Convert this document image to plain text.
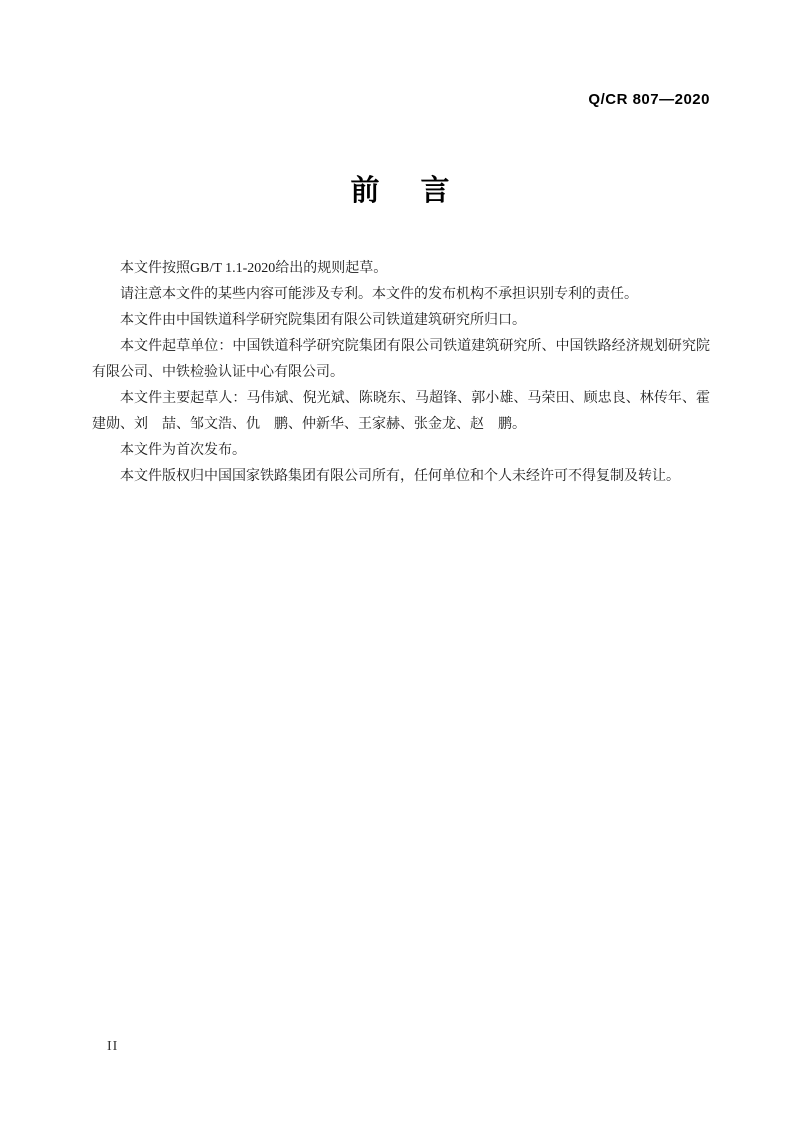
Q/CR 807—2020
前　言

本文件按照GB/T 1.1-2020给出的规则起草。

请注意本文件的某些内容可能涉及专利。本文件的发布机构不承担识别专利的责任。

本文件由中国铁道科学研究院集团有限公司铁道建筑研究所归口。

本文件起草单位：中国铁道科学研究院集团有限公司铁道建筑研究所、中国铁路经济规划研究院有限公司、中铁检验认证中心有限公司。

本文件主要起草人：马伟斌、倪光斌、陈晓东、马超锋、郭小雄、马荣田、顾忠良、林传年、霍建勋、刘　喆、邹文浩、仇　鹏、仲新华、王家赫、张金龙、赵　鹏。

本文件为首次发布。

本文件版权归中国国家铁路集团有限公司所有，任何单位和个人未经许可不得复制及转让。

II
